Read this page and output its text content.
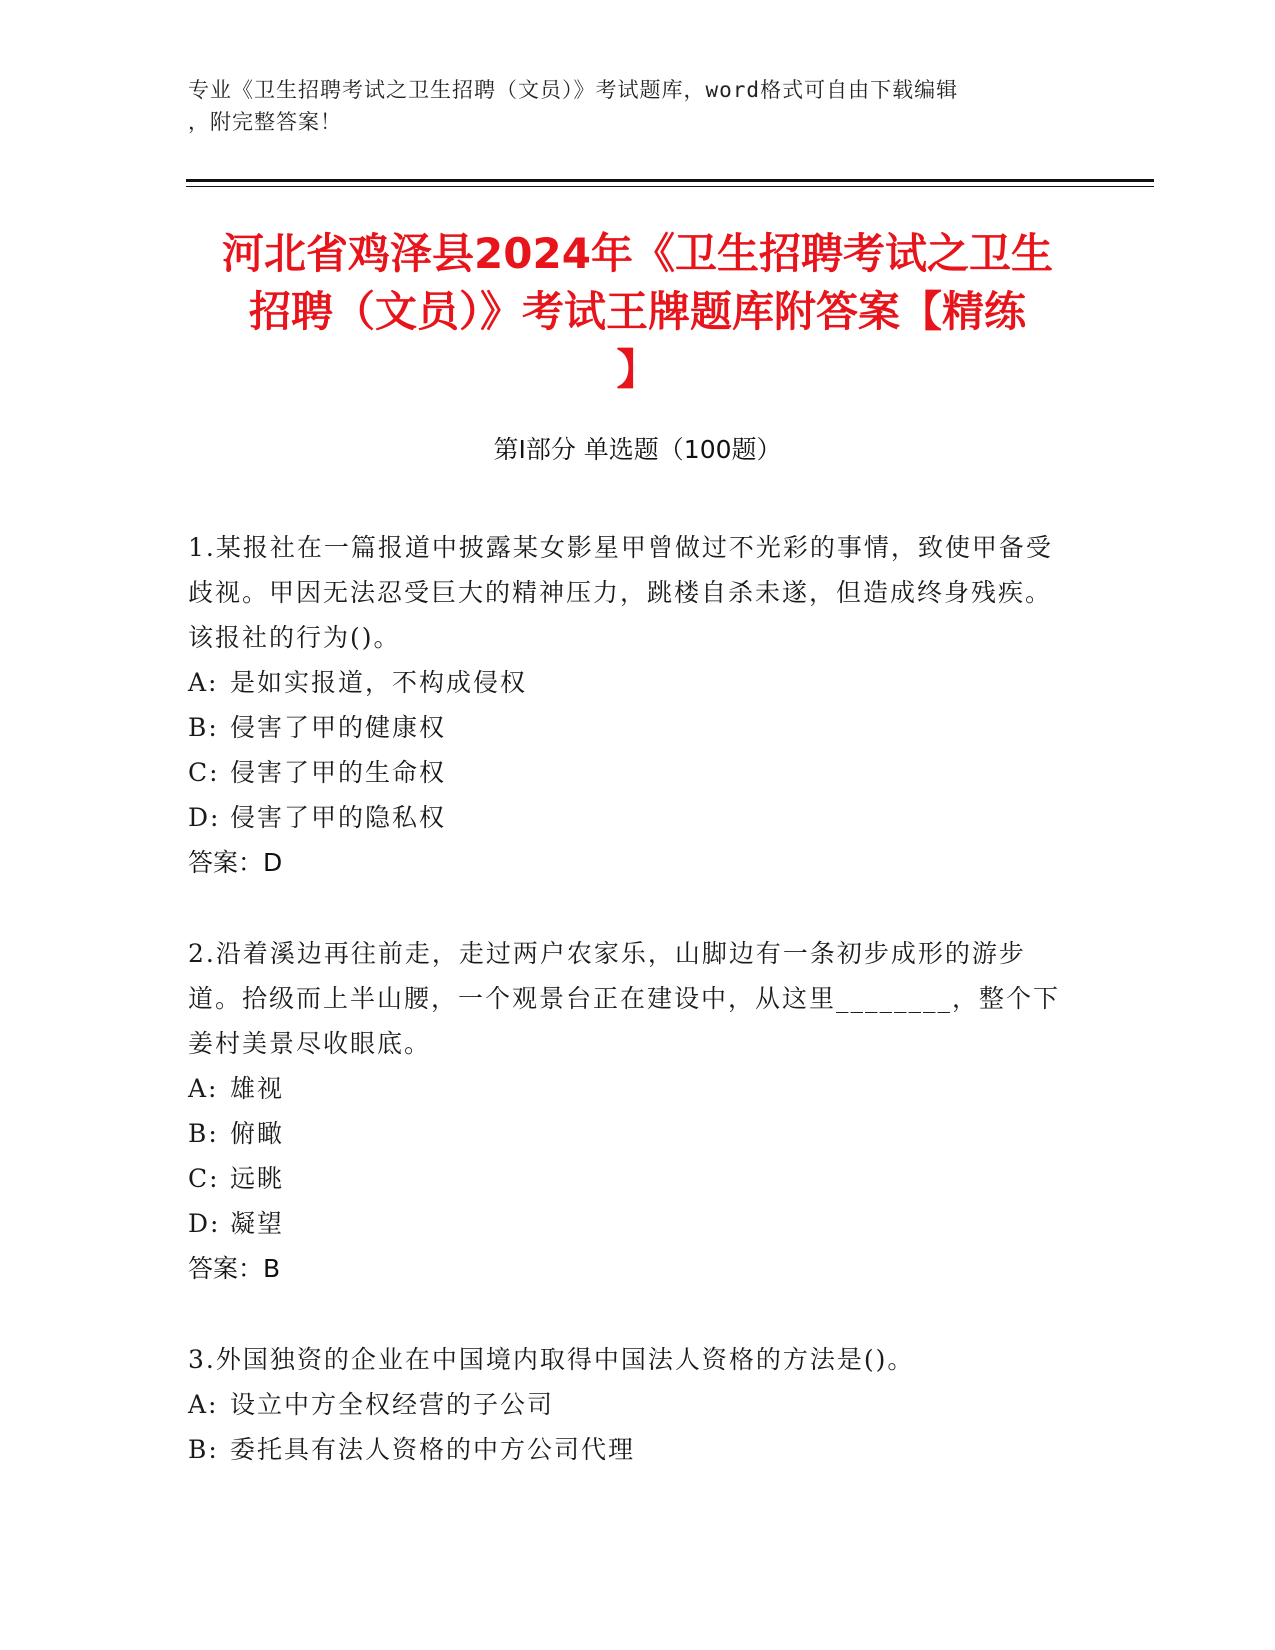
专业《卫生招聘考试之卫生招聘（文员）》考试题库，word格式可自由下载编辑
，附完整答案！
河北省鸡泽县2024年《卫生招聘考试之卫生
招聘（文员）》考试王牌题库附答案【精练
】
第Ⅰ部分 单选题（100题）

1.某报社在一篇报道中披露某女影星甲曾做过不光彩的事情，致使甲备受歧视。甲因无法忍受巨大的精神压力，跳楼自杀未遂，但造成终身残疾。该报社的行为()。

A: 是如实报道，不构成侵权

B: 侵害了甲的健康权

C: 侵害了甲的生命权

D: 侵害了甲的隐私权

答案：D

2.沿着溪边再往前走，走过两户农家乐，山脚边有一条初步成形的游步道。拾级而上半山腰，一个观景台正在建设中，从这里________，整个下姜村美景尽收眼底。

A: 雄视

B: 俯瞰

C: 远眺

D: 凝望

答案：B

3.外国独资的企业在中国境内取得中国法人资格的方法是()。

A: 设立中方全权经营的子公司

B: 委托具有法人资格的中方公司代理
